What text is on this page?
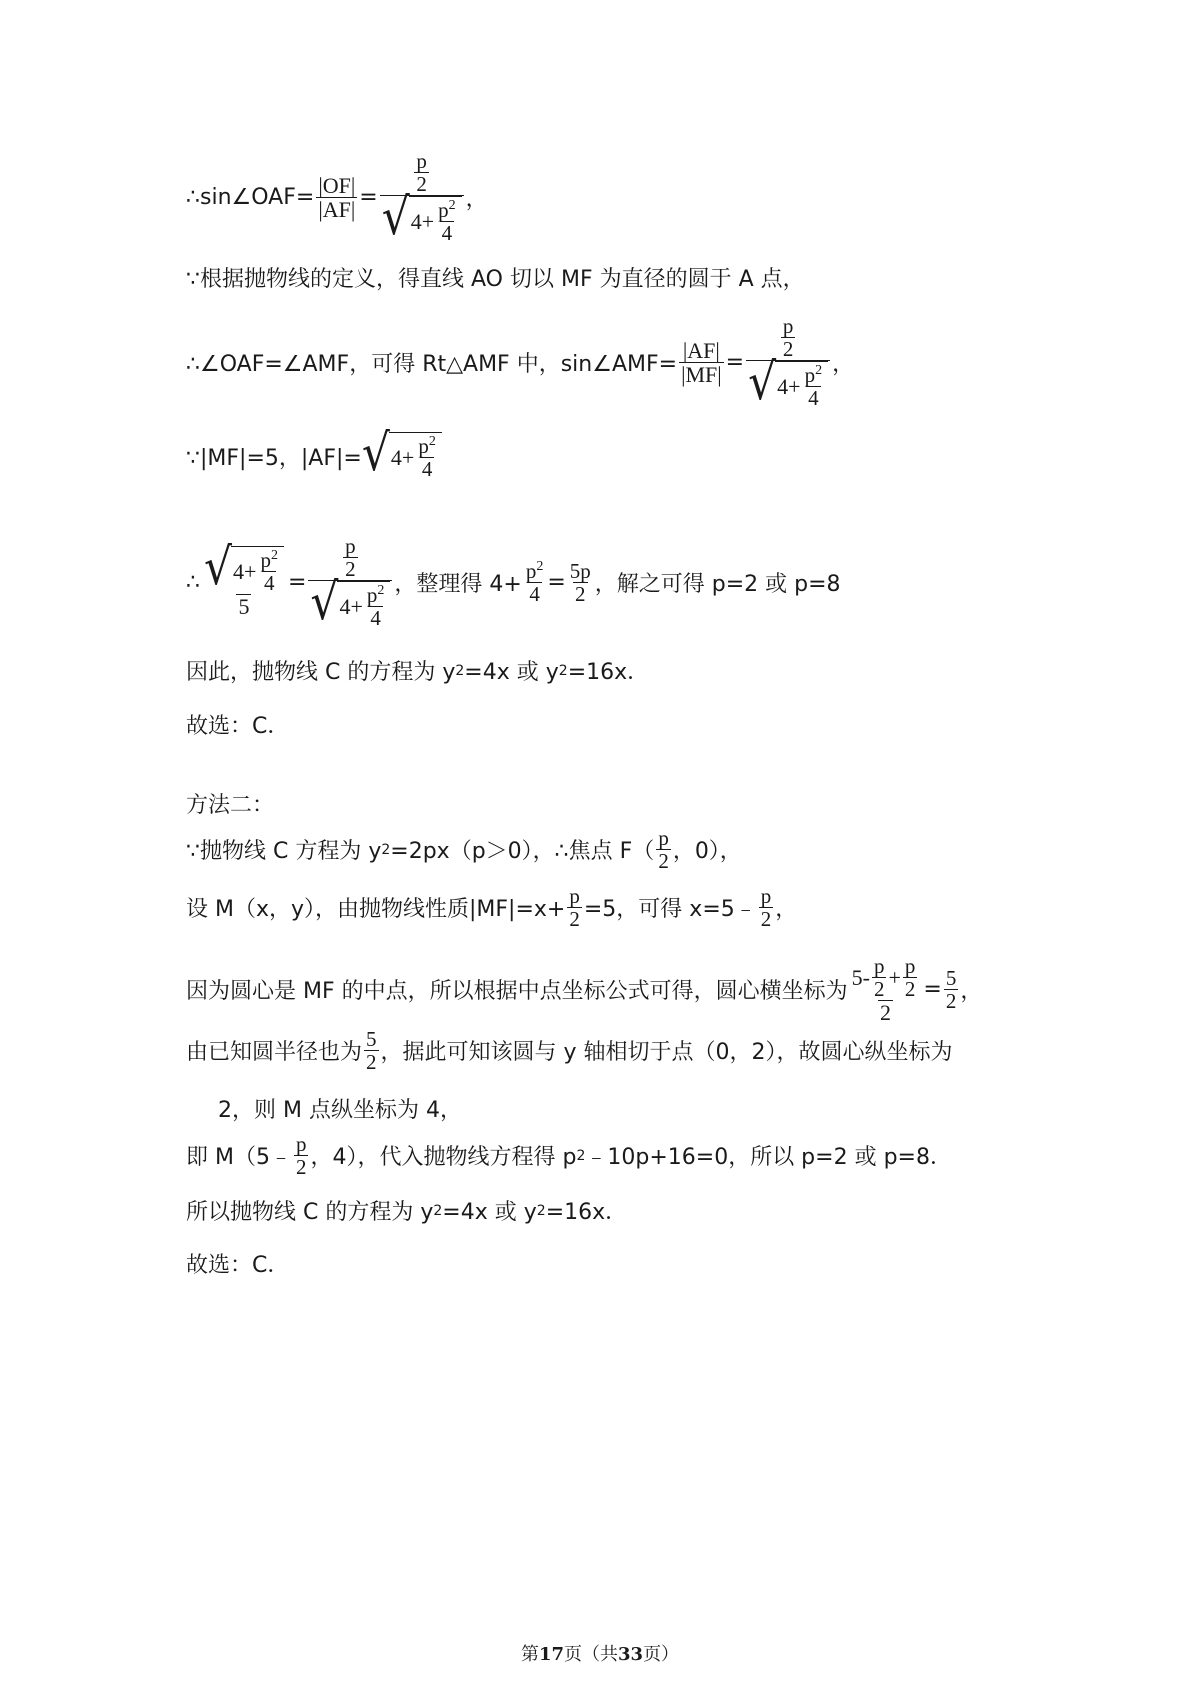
∴sin∠OAF= $\frac{|OF|}{|AF|}$ =
$\frac{p}{2}$
√ $4+ \frac{p^2}{4}$ ，
∵根据抛物线的定义，得直线 AO 切以 MF 为直径的圆于 A 点，
∴∠OAF=∠AMF，可得 Rt△AMF 中，sin∠AMF= $\frac{|AF|}{|MF|}$ =
$\frac{p}{2}$
√ $4+ \frac{p^2}{4}$ ，
∵|MF|=5，|AF|= √ $4+ \frac{p^2}{4}$
∴ √ $4+ \frac{p^2}{4}$
5
=
$\frac{p}{2}$
√ $4+ \frac{p^2}{4}$ ，整理得 $4+ \frac{p^2}{4} = \frac{5p}{2}$ ，解之可得 p=2 或 p=8
因此，抛物线 C 的方程为 y 2 =4x 或 y 2 =16x．
故选：C．
方法二：
∵抛物线 C 方程为 y 2 =2px（p＞0），∴焦点 $F( \frac{p}{2}$ ，0），
设 M（x，y），由抛物线性质$|MF|=x+ \frac{p}{2} =5$，可得 x=5﹣ $\frac{p}{2}$ ，
因为圆心是 MF 的中点，所以根据中点坐标公式可得，圆心横坐标为
$5- \frac{p}{2} + \frac{p}{2}$
2
= $\frac{5}{2}$ ，
由已知圆半径也为 $\frac{5}{2}$ ，据此可知该圆与 y 轴相切于点（0，2），故圆心纵坐标为
2，则 M 点纵坐标为 4，
即 M（5﹣ $\frac{p}{2}$ ，4），代入抛物线方程得 p 2 ﹣10p+16=0，所以 p=2 或 p=8．
所以抛物线 C 的方程为 y 2 =4x 或 y 2 =16x．
故选：C．
第17页（共33页）
